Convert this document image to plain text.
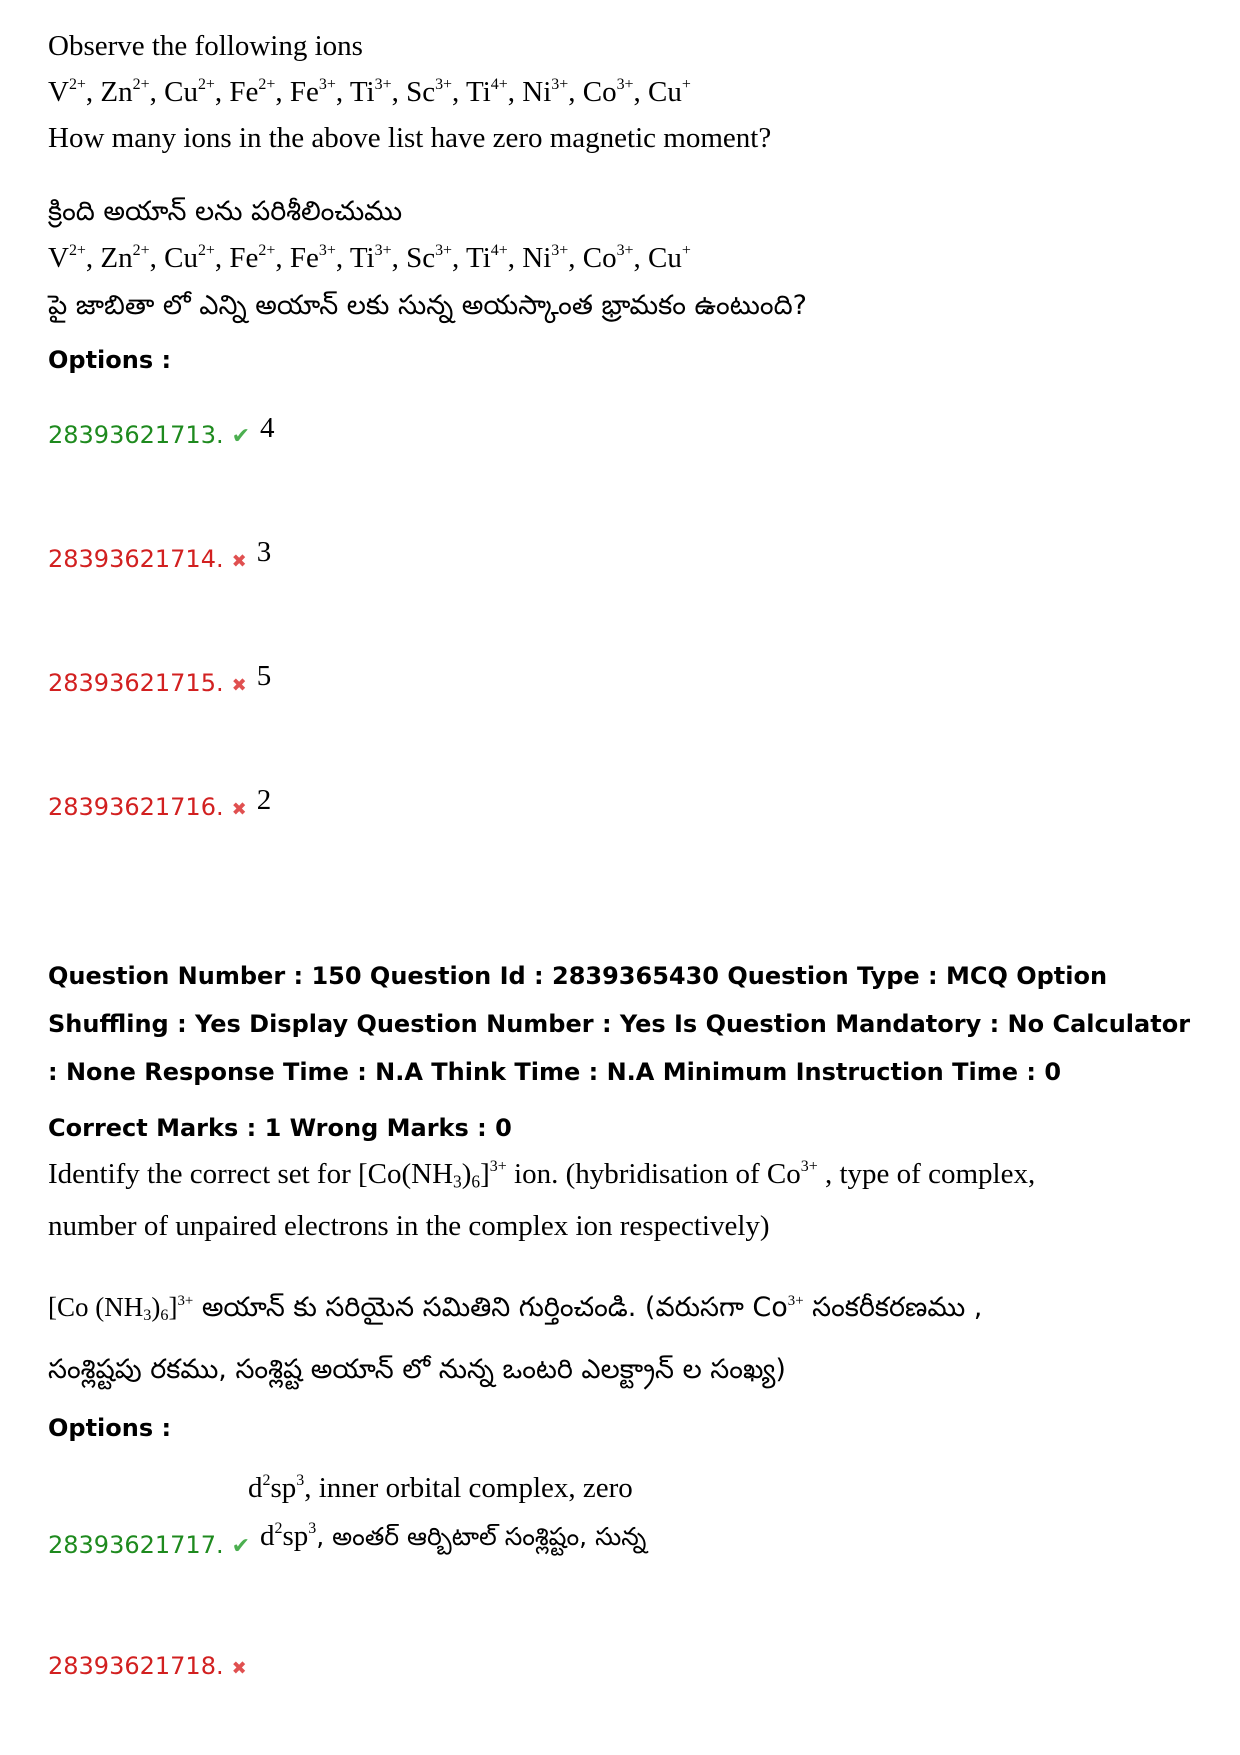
Observe the following ions
$V^{2+}$, $Zn^{2+}$, $Cu^{2+}$, $Fe^{2+}$, $Fe^{3+}$, $Ti^{3+}$, $Sc^{3+}$, $Ti^{4+}$, $Ni^{3+}$, $Co^{3+}$, Cu+
How many ions in the above list have zero magnetic moment?
క్రింది అయాన్ లను పరిశీలించుము
$V^{2+}$, $Zn^{2+}$, $Cu^{2+}$, $Fe^{2+}$, $Fe^{3+}$, $Ti^{3+}$, $Sc^{3+}$, $Ti^{4+}$, $Ni^{3+}$, $Co^{3+}$, Cu+
పై జాబితా లో ఎన్ని అయాన్ లకు సున్న అయస్కాంత భ్రామకం ఉంటుంది?
Options :
28393621713. ✔ 4
28393621714. ✖ 3
28393621715. ✖ 5
28393621716. ✖ 2
Question Number : 150 Question Id : 2839365430 Question Type : MCQ Option Shuffling : Yes Display Question Number : Yes Is Question Mandatory : No Calculator : None Response Time : N.A Think Time : N.A Minimum Instruction Time : 0
Correct Marks : 1 Wrong Marks : 0
Identify the correct set for $[Co(NH_3)_6]^{3+}$ ion. (hybridisation of $Co^{3+}$ , type of complex,
number of unpaired electrons in the complex ion respectively)
[Co $(NH_3)_6]^{3+}$ అయాన్ కు సరియైన సమితిని గుర్తించండి. (వరుసగా $Co^{3+}$ సంకరీకరణము ,
సంశ్లిష్టపు రకము, సంశ్లిష్ట అయాన్ లో నున్న ఒంటరి ఎలక్ట్రాన్ ల సంఖ్య)
Options :
$d^2sp^3$, inner orbital complex, zero
28393621717. ✔ $d^2sp^3$, అంతర్ ఆర్బిటాల్ సంశ్లిష్టం, సున్న
28393621718. ✖
